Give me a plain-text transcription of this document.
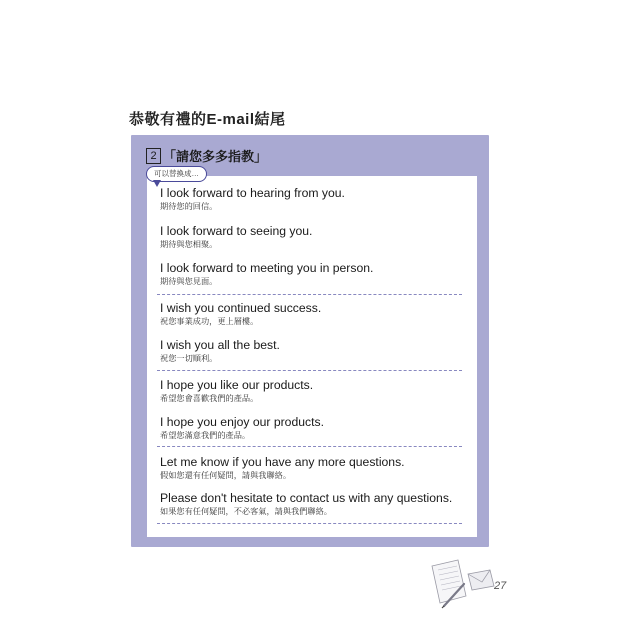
恭敬有禮的E-mail結尾
2 「請您多多指教」
可以替換成…
I look forward to hearing from you.
期待您的回信。
I look forward to seeing you.
期待與您相聚。
I look forward to meeting you in person.
期待與您見面。
I wish you continued success.
祝您事業成功，更上層樓。
I wish you all the best.
祝您一切順利。
I hope you like our products.
希望您會喜歡我們的產品。
I hope you enjoy our products.
希望您滿意我們的產品。
Let me know if you have any more questions.
假如您還有任何疑問，請與我聯絡。
Please don't hesitate to contact us with any questions.
如果您有任何疑問，不必客氣，請與我們聯絡。
27
